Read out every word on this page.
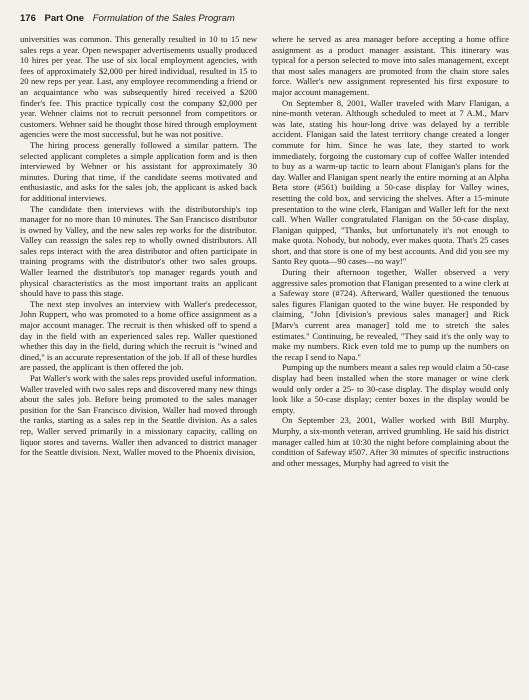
176 Part One Formulation of the Sales Program

universities was common. This generally resulted in 10 to 15 new sales reps a year. Open newspaper advertisements usually produced 10 hires per year. The use of six local employment agencies, with fees of approximately $2,000 per hired individual, resulted in 15 to 20 new reps per year. Last, any employee recommending a friend or an acquaintance who was subsequently hired received a $200 finder's fee. This practice typically cost the company $2,000 per year. Wehner claims not to recruit personnel from competitors or customers. Wehner said he thought those hired through employment agencies were the most successful, but he was not positive.

The hiring process generally followed a similar pattern. The selected applicant completes a simple application form and is then interviewed by Wehner or his assistant for approximately 30 minutes. During that time, if the candidate seems motivated and enthusiastic, and asks for the sales job, the applicant is asked back for additional interviews.

The candidate then interviews with the distributorship's top manager for no more than 10 minutes. The San Francisco distributor is owned by Valley, and the new sales rep works for the distributor. Valley can reassign the sales rep to wholly owned distributors. All sales reps interact with the area distributor and often participate in training programs with the distributor's other two sales groups. Waller learned the distributor's top manager regards youth and physical characteristics as the most important traits an applicant should have to pass this stage.

The next step involves an interview with Waller's predecessor, John Ruppert, who was promoted to a home office assignment as a major account manager. The recruit is then whisked off to spend a day in the field with an experienced sales rep. Waller questioned whether this day in the field, during which the recruit is "wined and dined," is an accurate representation of the job. If all of these hurdles are passed, the applicant is then offered the job.

Pat Waller's work with the sales reps provided useful information. Waller traveled with two sales reps and discovered many new things about the sales job. Before being promoted to the sales manager position for the San Francisco division, Waller had moved through the ranks, starting as a sales rep in the Seattle division. As a sales rep, Waller served primarily in a missionary capacity, calling on liquor stores and taverns. Waller then advanced to district manager for the Seattle division. Next, Waller moved to the Phoenix division,

where he served as area manager before accepting a home office assignment as a product manager assistant. This itinerary was typical for a person selected to move into sales management, except that most sales managers are promoted from the chain store sales force. Waller's new assignment represented his first exposure to major account management.

On September 8, 2001, Waller traveled with Marv Flanigan, a nine-month veteran. Although scheduled to meet at 7 A.M., Marv was late, stating his hour-long drive was delayed by a terrible accident. Flanigan said the latest territory change created a longer commute for him. Since he was late, they started to work immediately, forgoing the customary cup of coffee Waller intended to buy as a warm-up tactic to learn about Flanigan's plans for the day. Waller and Flanigan spent nearly the entire morning at an Alpha Beta store (#561) building a 50-case display for Valley wines, resetting the cold box, and servicing the shelves. After a 15-minute presentation to the wine clerk, Flanigan and Waller left for the next call. When Waller congratulated Flanigan on the 50-case display, Flanigan quipped, "Thanks, but unfortunately it's not enough to make quota. Nobody, but nobody, ever makes quota. That's 25 cases short, and that store is one of my best accounts. And did you see my Santo Rey quota—90 cases—no way!"

During their afternoon together, Waller observed a very aggressive sales promotion that Flanigan presented to a wine clerk at a Safeway store (#724). Afterward, Waller questioned the tenuous sales figures Flanigan quoted to the wine buyer. He responded by claiming, "John [division's previous sales manager] and Rick [Marv's current area manager] told me to stretch the sales estimates." Continuing, he revealed, "They said it's the only way to make my numbers. Rick even told me to pump up the numbers on the recap I send to Napa."

Pumping up the numbers meant a sales rep would claim a 50-case display had been installed when the store manager or wine clerk would only order a 25- to 30-case display. The display would only look like a 50-case display; center boxes in the display would be empty.

On September 23, 2001, Waller worked with Bill Murphy. Murphy, a six-month veteran, arrived grumbling. He said his district manager called him at 10:30 the night before complaining about the condition of Safeway #507. After 30 minutes of specific instructions and other messages, Murphy had agreed to visit the
